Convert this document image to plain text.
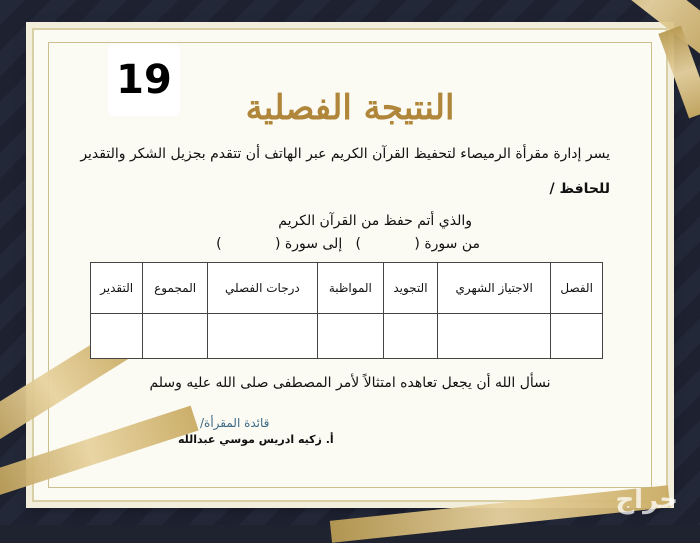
19
النتيجة الفصلية
يسر إدارة مقرأة الرميصاء لتحفيظ القرآن الكريم عبر الهاتف أن تتقدم بجزيل الشكر والتقدير
للحافظ /
والذي أتم حفظ من القرآن الكريم
من سورة (            )   إلى سورة (            )
الفصل	الاجتياز الشهري	التجويد	المواظبة	درجات الفصلي	المجموع	التقدير

نسأل الله أن يجعل تعاهده امتثالاً لأمر المصطفى صلى الله عليه وسلم
قائدة المقرأة/
أ. زكيه ادريس موسي عبدالله
حراج
